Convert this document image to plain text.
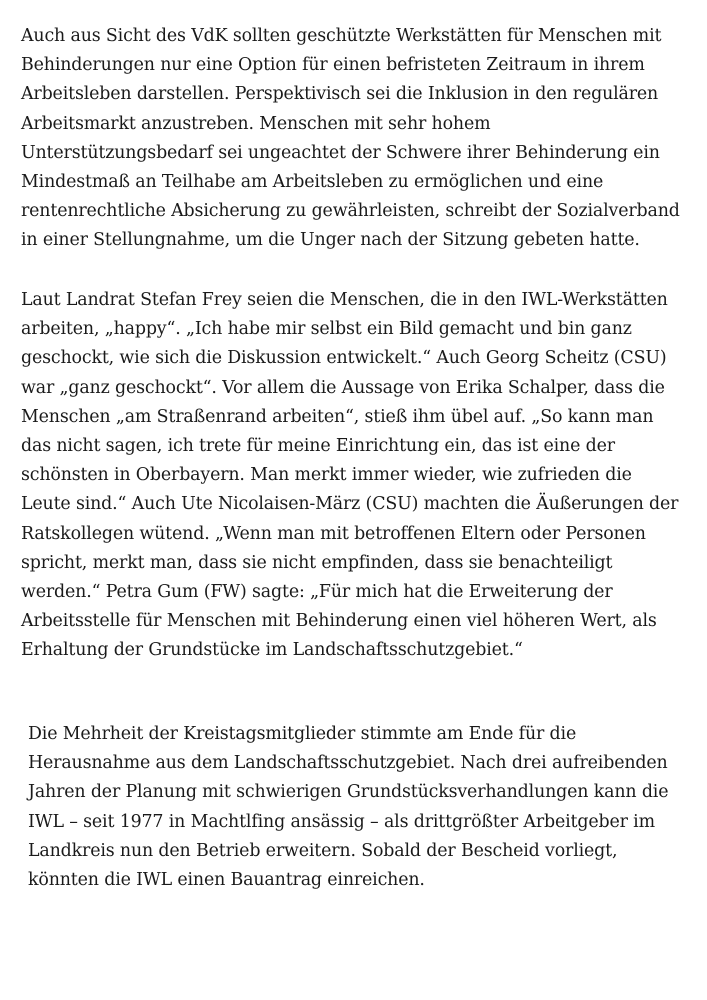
Auch aus Sicht des VdK sollten geschützte Werkstätten für Menschen mit
Behinderungen nur eine Option für einen befristeten Zeitraum in ihrem
Arbeitsleben darstellen. Perspektivisch sei die Inklusion in den regulären
Arbeitsmarkt anzustreben. Menschen mit sehr hohem
Unterstützungsbedarf sei ungeachtet der Schwere ihrer Behinderung ein
Mindestmaß an Teilhabe am Arbeitsleben zu ermöglichen und eine
rentenrechtliche Absicherung zu gewährleisten, schreibt der Sozialverband
in einer Stellungnahme, um die Unger nach der Sitzung gebeten hatte.

Laut Landrat Stefan Frey seien die Menschen, die in den IWL-Werkstätten
arbeiten, „happy“. „Ich habe mir selbst ein Bild gemacht und bin ganz
geschockt, wie sich die Diskussion entwickelt.“ Auch Georg Scheitz (CSU)
war „ganz geschockt“. Vor allem die Aussage von Erika Schalper, dass die
Menschen „am Straßenrand arbeiten“, stieß ihm übel auf. „So kann man
das nicht sagen, ich trete für meine Einrichtung ein, das ist eine der
schönsten in Oberbayern. Man merkt immer wieder, wie zufrieden die
Leute sind.“ Auch Ute Nicolaisen-März (CSU) machten die Äußerungen der
Ratskollegen wütend. „Wenn man mit betroffenen Eltern oder Personen
spricht, merkt man, dass sie nicht empfinden, dass sie benachteiligt
werden.“ Petra Gum (FW) sagte: „Für mich hat die Erweiterung der
Arbeitsstelle für Menschen mit Behinderung einen viel höheren Wert, als
Erhaltung der Grundstücke im Landschaftsschutzgebiet.“

Die Mehrheit der Kreistagsmitglieder stimmte am Ende für die
Herausnahme aus dem Landschaftsschutzgebiet. Nach drei aufreibenden
Jahren der Planung mit schwierigen Grundstücksverhandlungen kann die
IWL – seit 1977 in Machtlfing ansässig – als drittgrößter Arbeitgeber im
Landkreis nun den Betrieb erweitern. Sobald der Bescheid vorliegt,
könnten die IWL einen Bauantrag einreichen.
